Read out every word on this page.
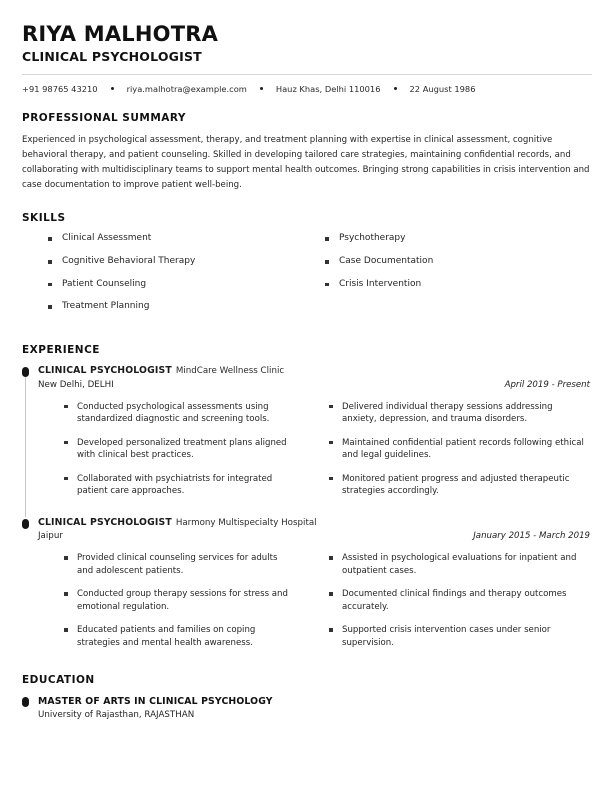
RIYA MALHOTRA
CLINICAL PSYCHOLOGIST
+91 98765 43210	riya.malhotra@example.com	Hauz Khas, Delhi 110016	22 August 1986
PROFESSIONAL SUMMARY

Experienced in psychological assessment, therapy, and treatment planning with expertise in clinical assessment, cognitive behavioral therapy, and patient counseling. Skilled in developing tailored care strategies, maintaining confidential records, and collaborating with multidisciplinary teams to support mental health outcomes. Bringing strong capabilities in crisis intervention and case documentation to improve patient well-being.

SKILLS
Clinical Assessment
Cognitive Behavioral Therapy
Patient Counseling
Treatment Planning
Psychotherapy
Case Documentation
Crisis Intervention
EXPERIENCE
CLINICAL PSYCHOLOGIST MindCare Wellness Clinic
New Delhi, DELHI	April 2019 - Present
Conducted psychological assessments using standardized diagnostic and screening tools.
Developed personalized treatment plans aligned with clinical best practices.
Collaborated with psychiatrists for integrated patient care approaches.
Delivered individual therapy sessions addressing anxiety, depression, and trauma disorders.
Maintained confidential patient records following ethical and legal guidelines.
Monitored patient progress and adjusted therapeutic strategies accordingly.
CLINICAL PSYCHOLOGIST Harmony Multispecialty Hospital
Jaipur	January 2015 - March 2019
Provided clinical counseling services for adults and adolescent patients.
Conducted group therapy sessions for stress and emotional regulation.
Educated patients and families on coping strategies and mental health awareness.
Assisted in psychological evaluations for inpatient and outpatient cases.
Documented clinical findings and therapy outcomes accurately.
Supported crisis intervention cases under senior supervision.
EDUCATION
MASTER OF ARTS IN CLINICAL PSYCHOLOGY
University of Rajasthan, RAJASTHAN
